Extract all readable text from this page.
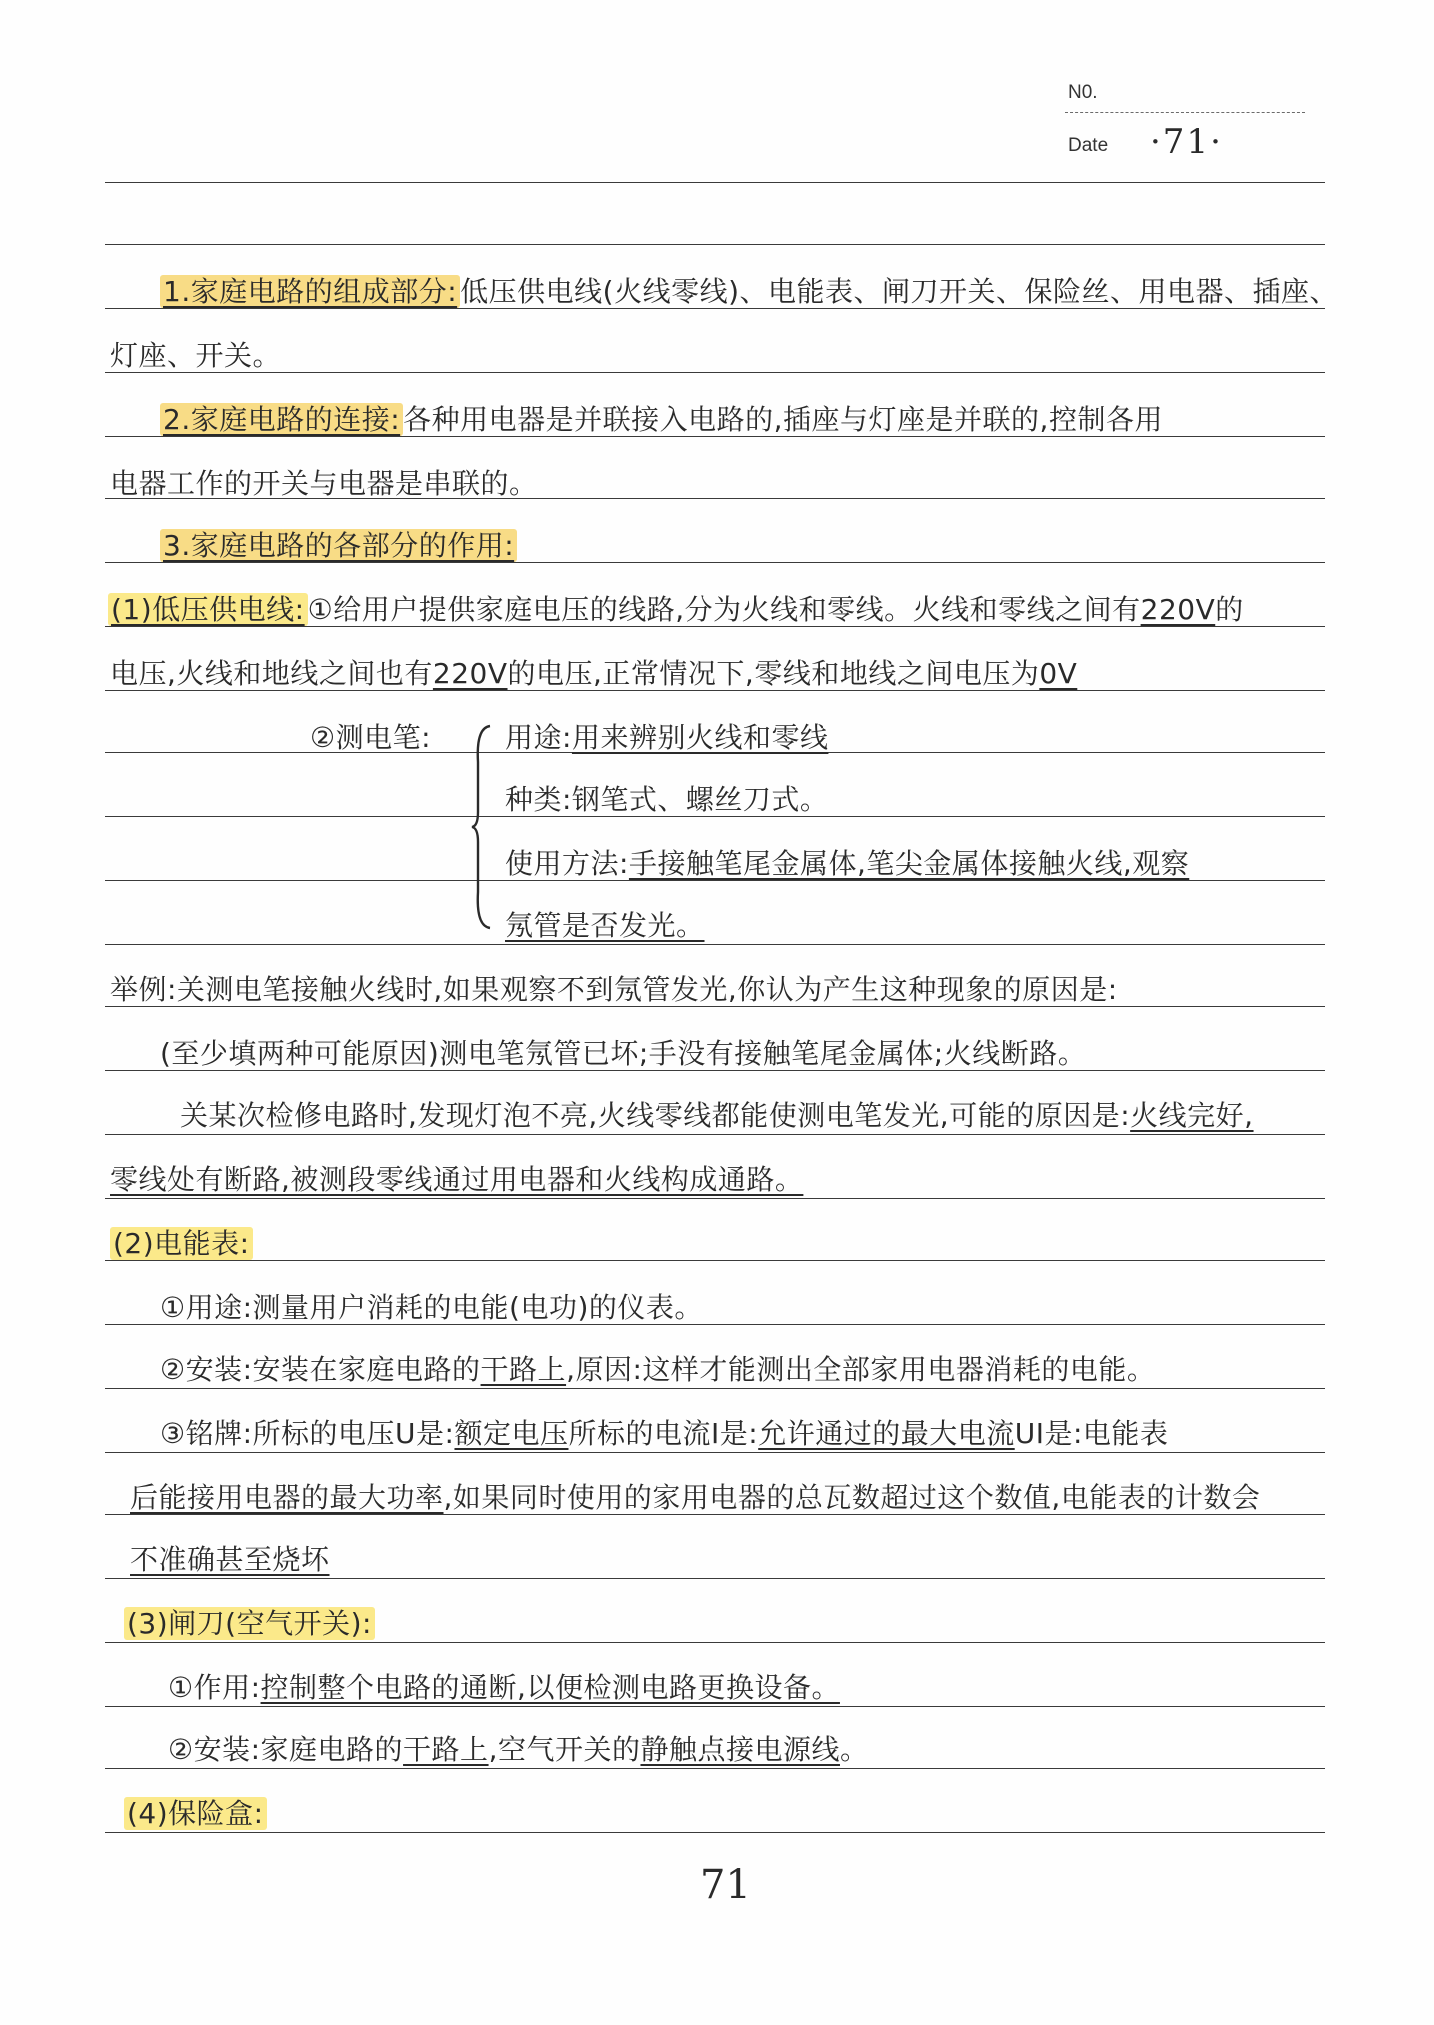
N0.
Date ·71·
1.家庭电路的组成部分: 低压供电线(火线零线)、电能表、闸刀开关、保险丝、用电器、插座、
灯座、开关。
2.家庭电路的连接: 各种用电器是并联接入电路的,插座与灯座是并联的,控制各用
电器工作的开关与电器是串联的。
3.家庭电路的各部分的作用:
(1)低压供电线: ①给用户提供家庭电压的线路,分为火线和零线。火线和零线之间有220V的
电压,火线和地线之间也有220V的电压,正常情况下,零线和地线之间电压为0V
②测电笔:	用途:用来辨别火线和零线
种类:钢笔式、螺丝刀式。
使用方法:手接触笔尾金属体,笔尖金属体接触火线,观察
氖管是否发光。
举例:关测电笔接触火线时,如果观察不到氖管发光,你认为产生这种现象的原因是:
(至少填两种可能原因)测电笔氖管已坏;手没有接触笔尾金属体;火线断路。
关某次检修电路时,发现灯泡不亮,火线零线都能使测电笔发光,可能的原因是:火线完好,
零线处有断路,被测段零线通过用电器和火线构成通路。
(2)电能表:
①用途:测量用户消耗的电能(电功)的仪表。
②安装:安装在家庭电路的干路上,原因:这样才能测出全部家用电器消耗的电能。
③铭牌:所标的电压U是:额定电压所标的电流I是:允许通过的最大电流UI是:电能表
后能接用电器的最大功率,如果同时使用的家用电器的总瓦数超过这个数值,电能表的计数会
不准确甚至烧坏
(3)闸刀(空气开关):
①作用:控制整个电路的通断,以便检测电路更换设备。
②安装:家庭电路的干路上,空气开关的静触点接电源线。
(4)保险盒:
71
